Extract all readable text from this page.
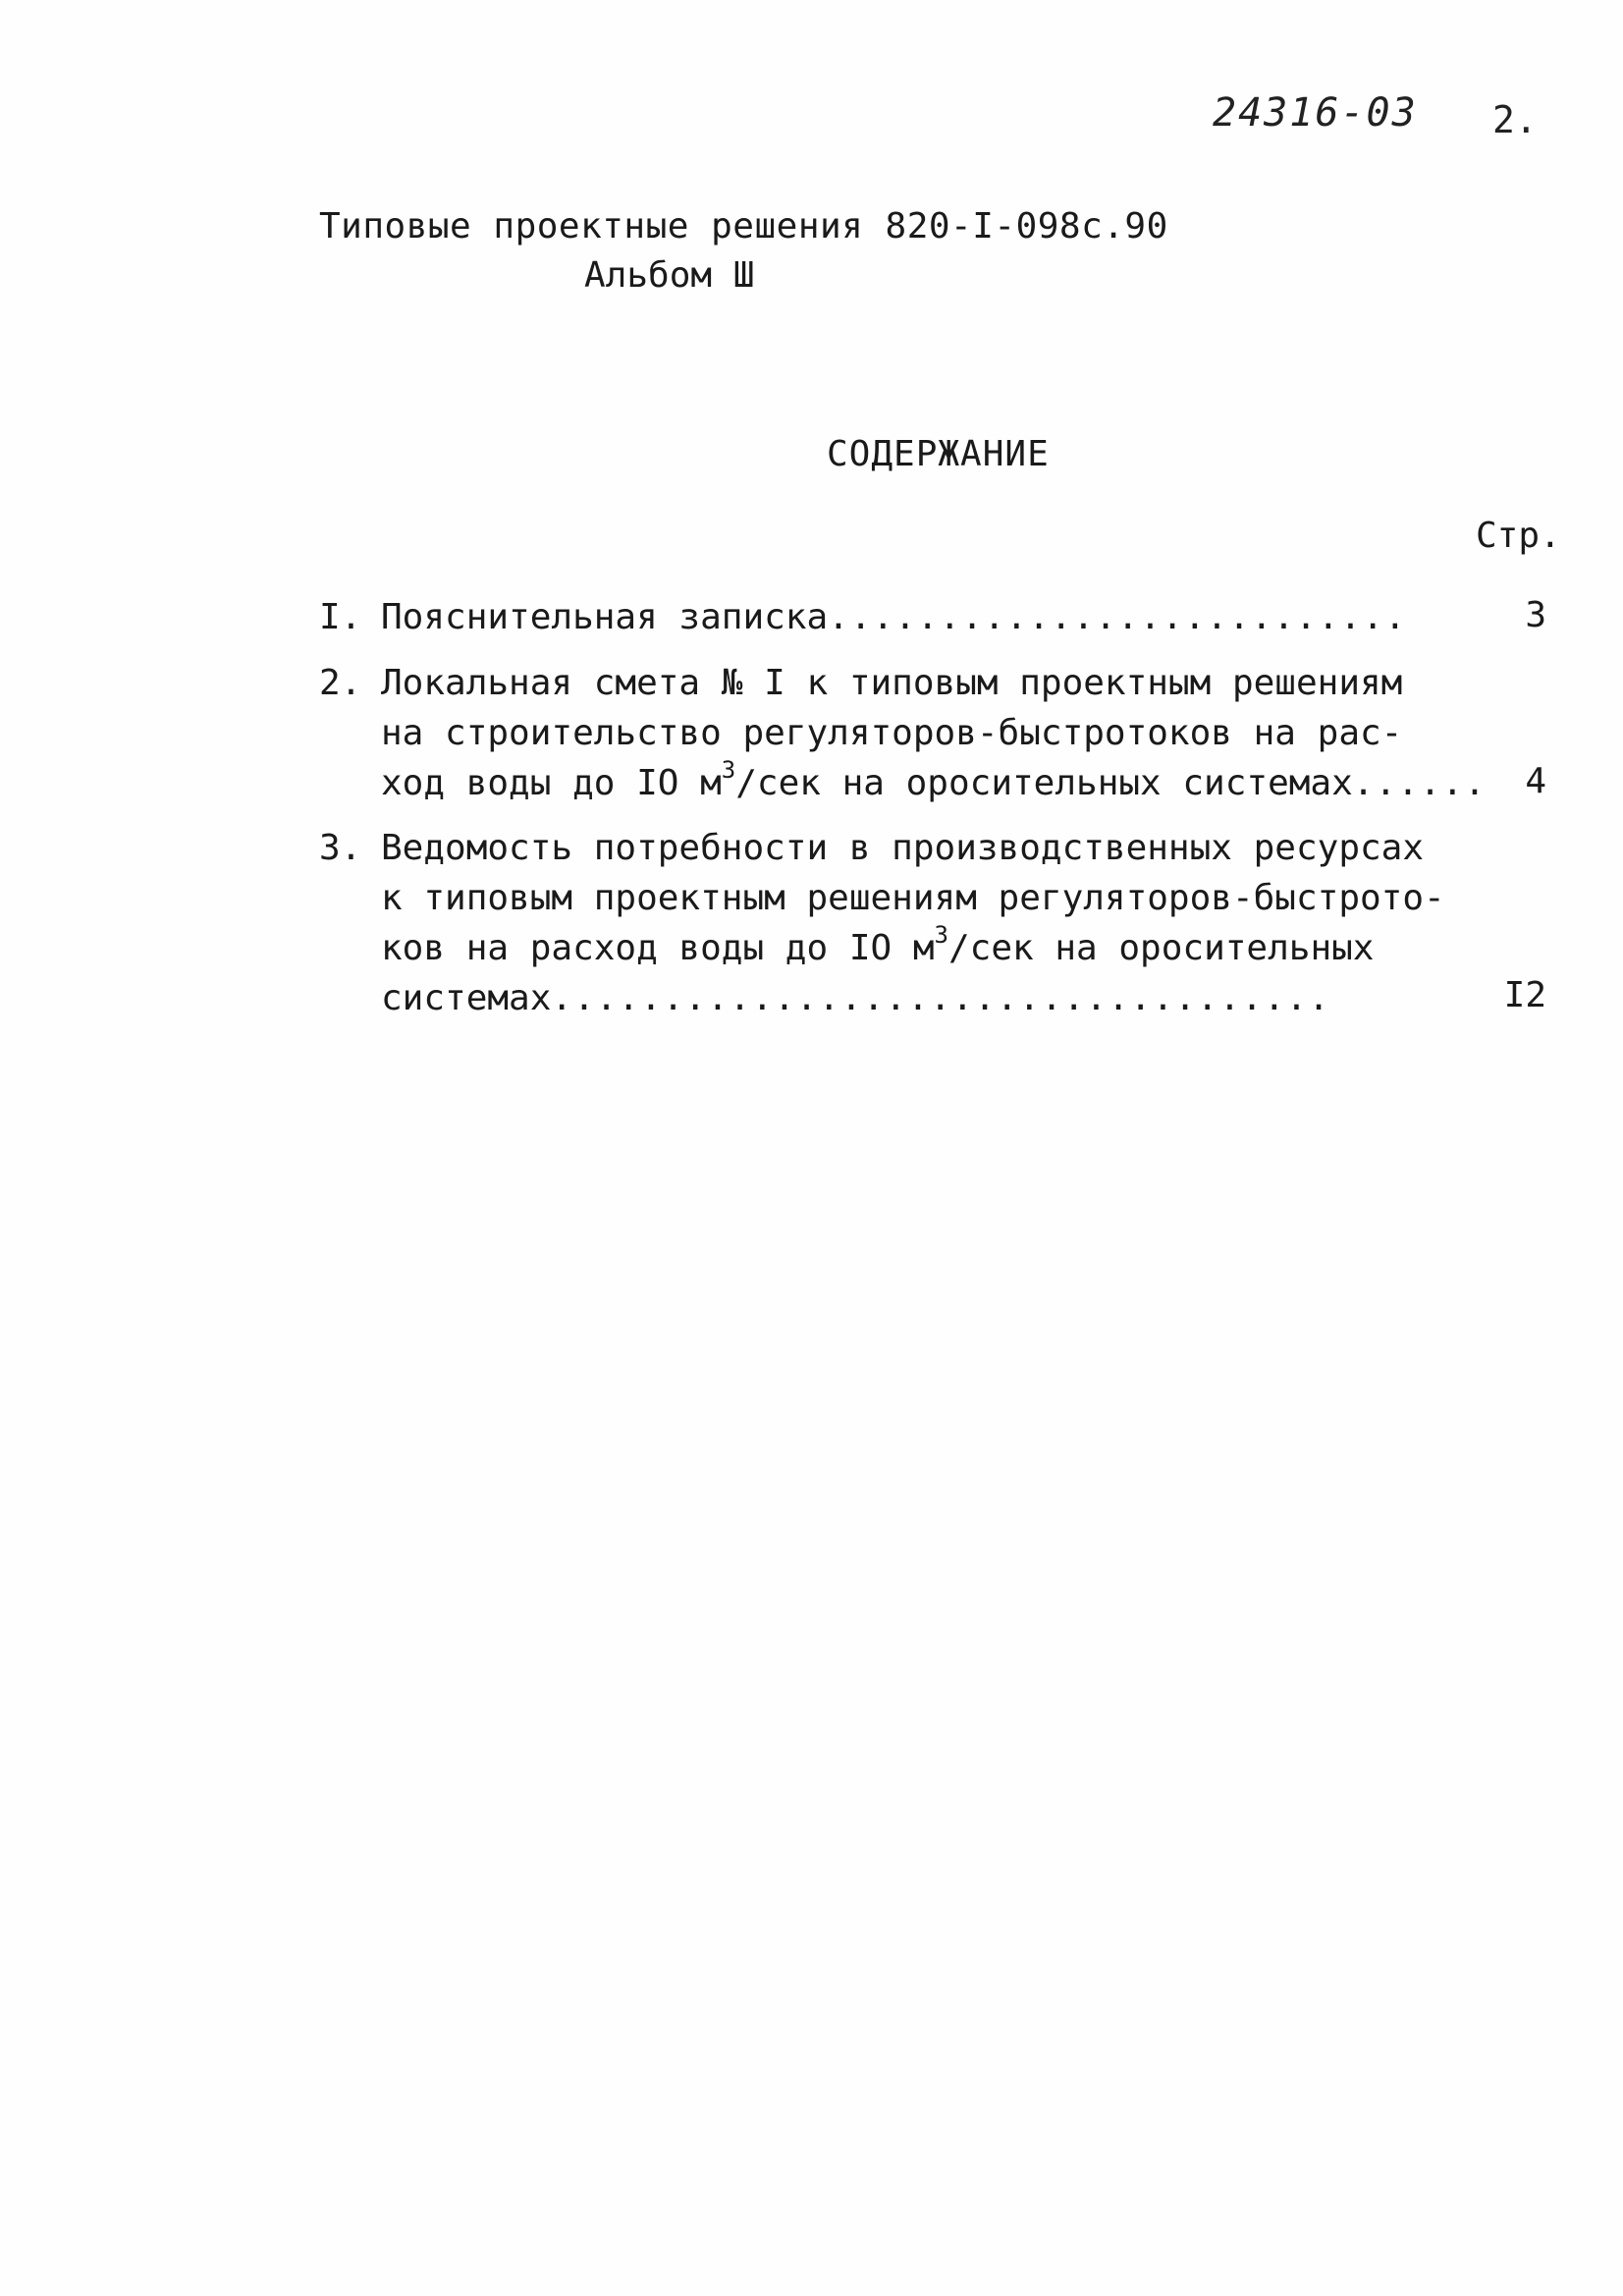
24316-03 2.
Типовые проектные решения 820-I-098с.90
Альбом Ш
СОДЕРЖАНИЕ
Стр.
I. Пояснительная записка..........................	3
2. Локальная смета № I к типовым проектным решениям
на строительство регуляторов-быстротоков на рас-
ход воды до IO $м^3$/сек на оросительных системах......	4
3. Ведомость потребности в производственных ресурсах
к типовым проектным решениям регуляторов-быстрото-
ков на расход воды до IO $м^3$/сек на оросительных
системах...................................	I2
